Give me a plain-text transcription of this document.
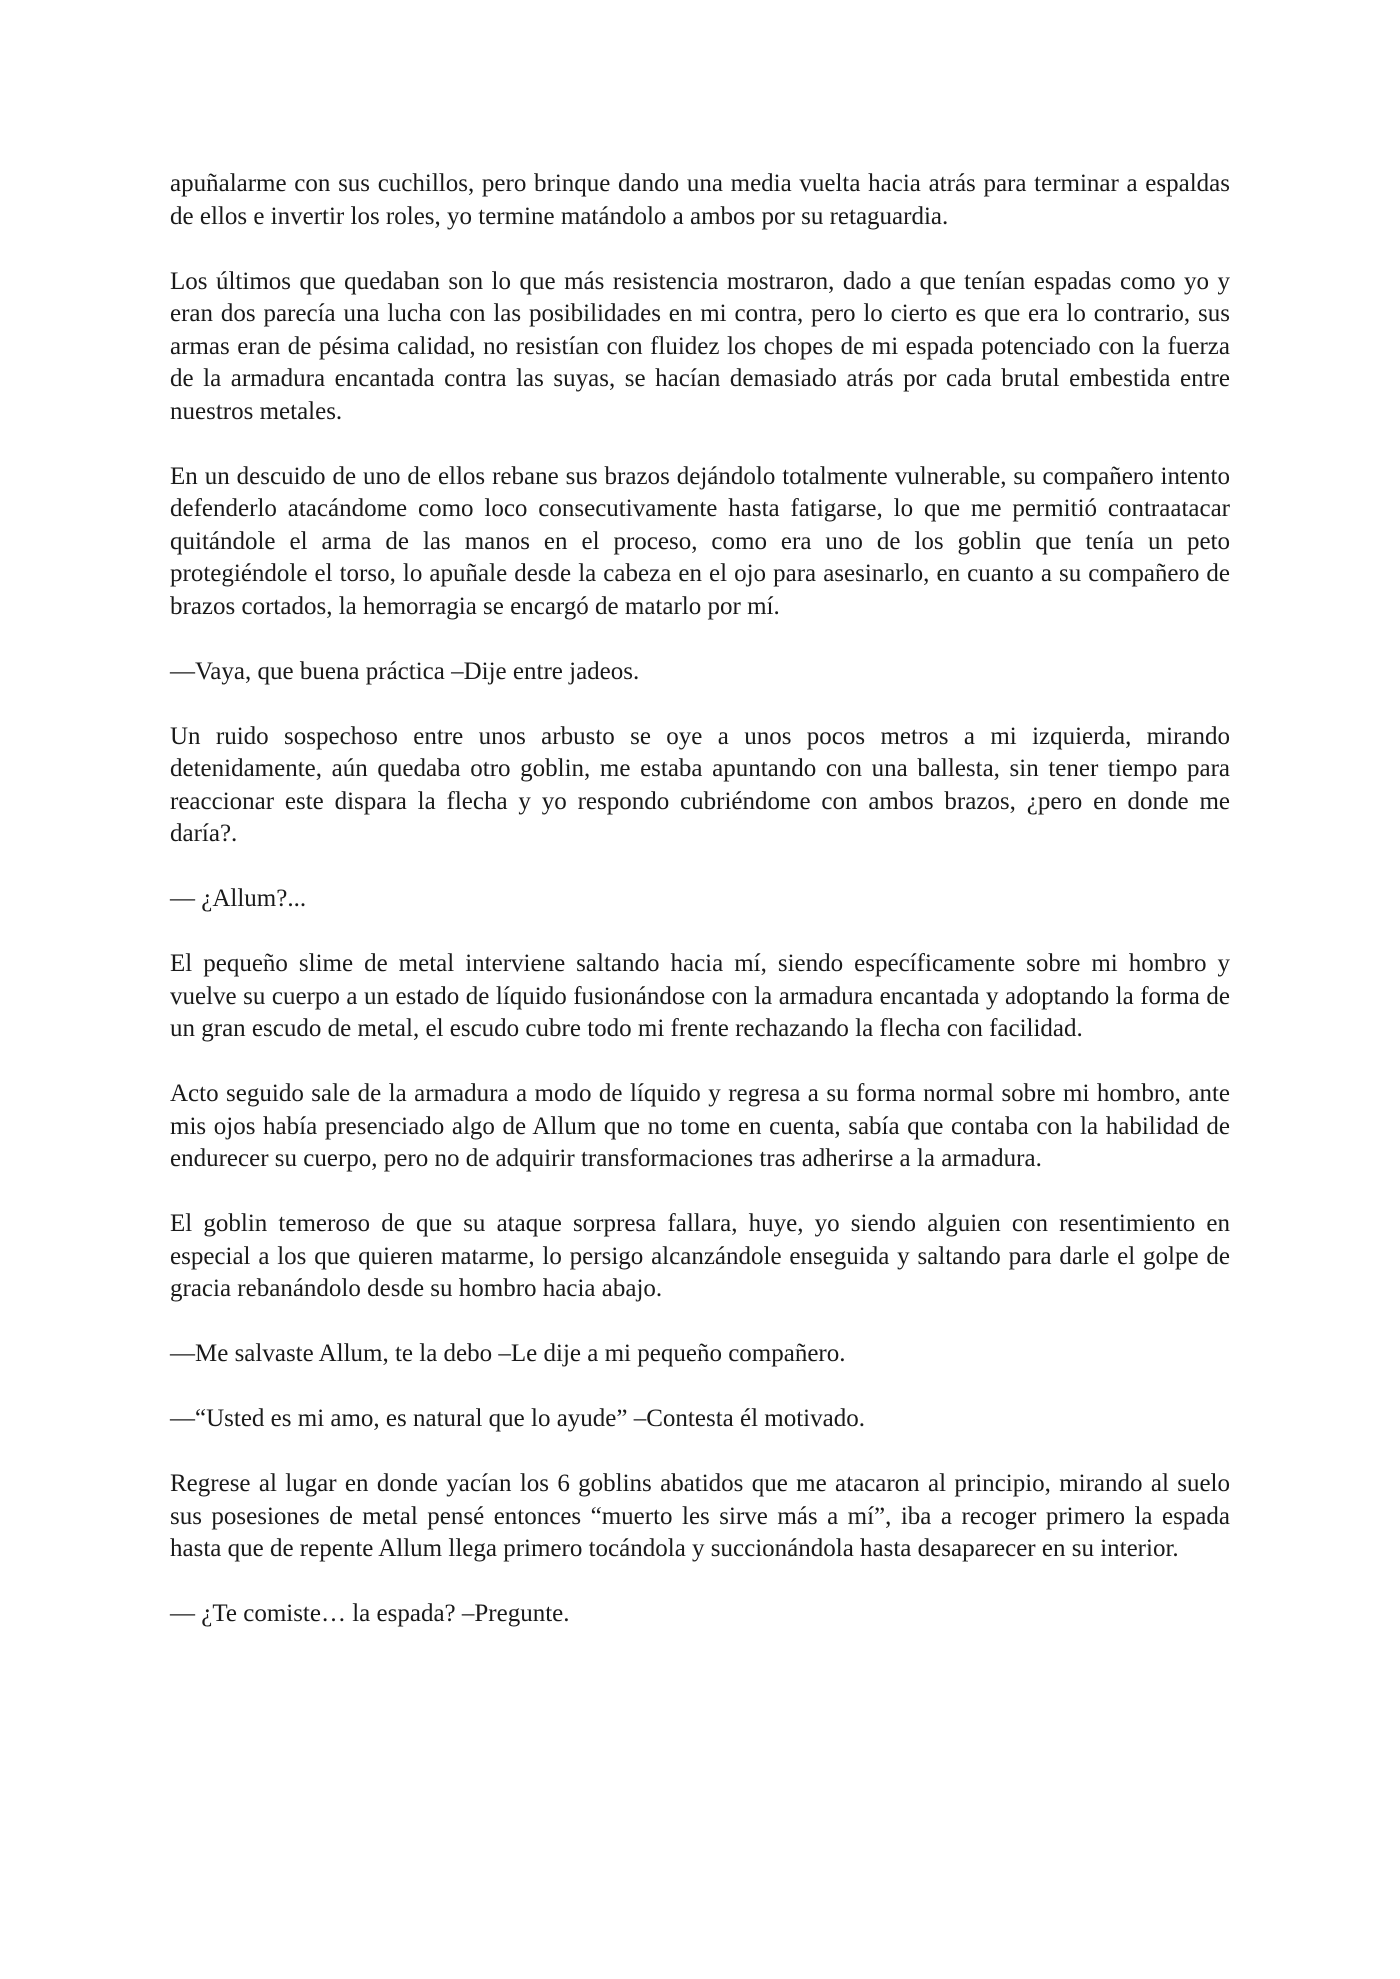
apuñalarme con sus cuchillos, pero brinque dando una media vuelta hacia atrás para terminar a espaldas de ellos e invertir los roles, yo termine matándolo a ambos por su retaguardia.

Los últimos que quedaban son lo que más resistencia mostraron, dado a que tenían espadas como yo y eran dos parecía una lucha con las posibilidades en mi contra, pero lo cierto es que era lo contrario, sus armas eran de pésima calidad, no resistían con fluidez los chopes de mi espada potenciado con la fuerza de la armadura encantada contra las suyas, se hacían demasiado atrás por cada brutal embestida entre nuestros metales.

En un descuido de uno de ellos rebane sus brazos dejándolo totalmente vulnerable, su compañero intento defenderlo atacándome como loco consecutivamente hasta fatigarse, lo que me permitió contraatacar quitándole el arma de las manos en el proceso, como era uno de los goblin que tenía un peto protegiéndole el torso, lo apuñale desde la cabeza en el ojo para asesinarlo, en cuanto a su compañero de brazos cortados, la hemorragia se encargó de matarlo por mí.

—Vaya, que buena práctica –Dije entre jadeos.

Un ruido sospechoso entre unos arbusto se oye a unos pocos metros a mi izquierda, mirando detenidamente, aún quedaba otro goblin, me estaba apuntando con una ballesta, sin tener tiempo para reaccionar este dispara la flecha y yo respondo cubriéndome con ambos brazos, ¿pero en donde me daría?.

— ¿Allum?...

El pequeño slime de metal interviene saltando hacia mí, siendo específicamente sobre mi hombro y vuelve su cuerpo a un estado de líquido fusionándose con la armadura encantada y adoptando la forma de un gran escudo de metal, el escudo cubre todo mi frente rechazando la flecha con facilidad.

Acto seguido sale de la armadura a modo de líquido y regresa a su forma normal sobre mi hombro, ante mis ojos había presenciado algo de Allum que no tome en cuenta, sabía que contaba con la habilidad de endurecer su cuerpo, pero no de adquirir transformaciones tras adherirse a la armadura.

El goblin temeroso de que su ataque sorpresa fallara, huye, yo siendo alguien con resentimiento en especial a los que quieren matarme, lo persigo alcanzándole enseguida y saltando para darle el golpe de gracia rebanándolo desde su hombro hacia abajo.

—Me salvaste Allum, te la debo –Le dije a mi pequeño compañero.

—“Usted es mi amo, es natural que lo ayude” –Contesta él motivado.

Regrese al lugar en donde yacían los 6 goblins abatidos que me atacaron al principio, mirando al suelo sus posesiones de metal pensé entonces “muerto les sirve más a mí”, iba a recoger primero la espada hasta que de repente Allum llega primero tocándola y succionándola hasta desaparecer en su interior.

— ¿Te comiste… la espada? –Pregunte.
